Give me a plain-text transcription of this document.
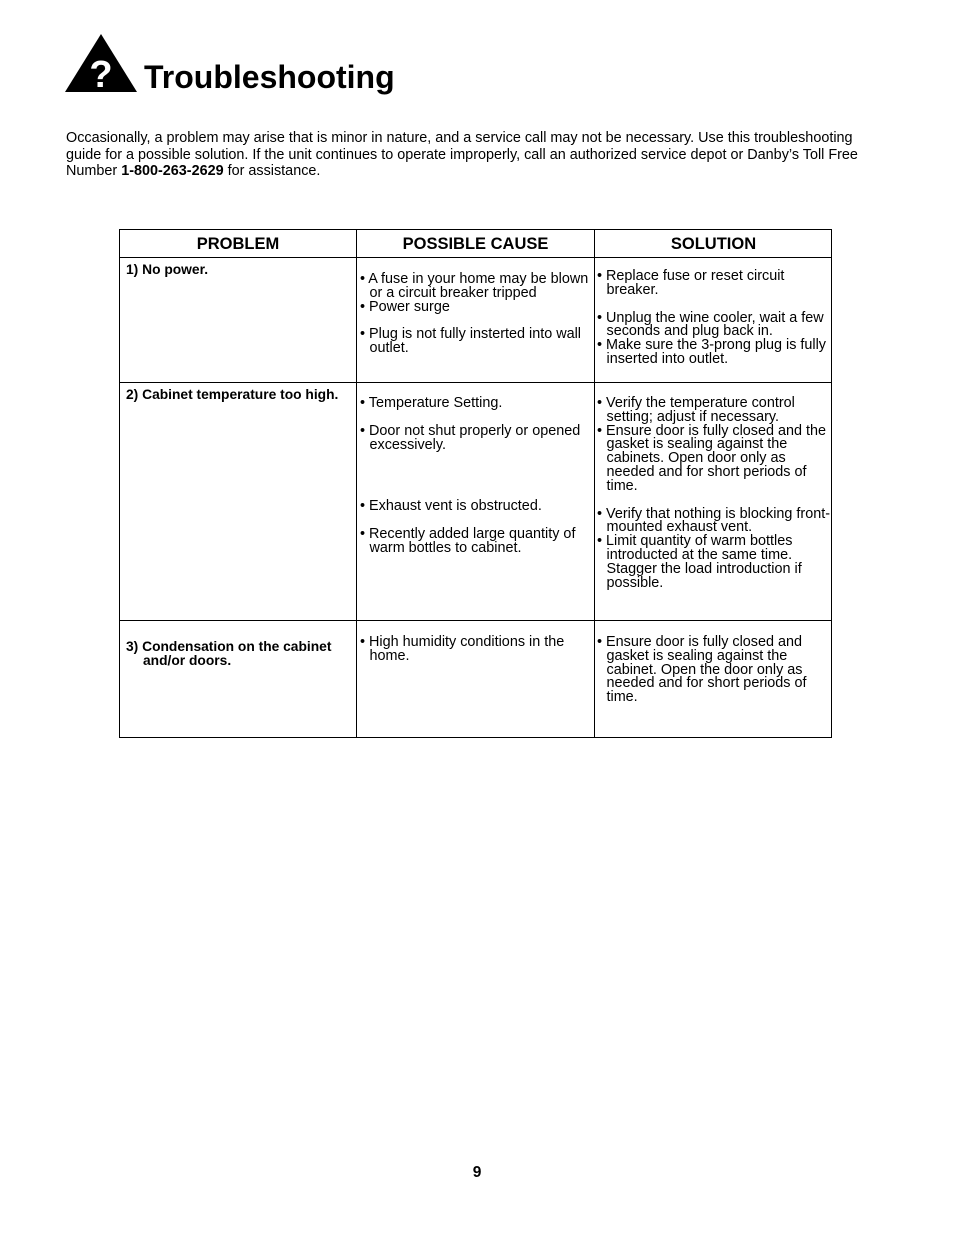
? Troubleshooting

Occasionally, a problem may arise that is minor in nature, and a service call may not be necessary. Use this troubleshooting guide for a possible solution. If the unit continues to operate improperly, call an authorized service depot or Danby’s Toll Free Number 1-800-263-2629 for assistance.

PROBLEM	POSSIBLE CAUSE	SOLUTION

1) No power.

• A fuse in your home may be blown or a circuit breaker tripped

• Power surge

• Plug is not fully insterted into wall outlet.

• Replace fuse or reset circuit breaker.

• Unplug the wine cooler, wait a few seconds and plug back in.

• Make sure the 3-prong plug is fully inserted into outlet.

2) Cabinet temperature too high.

• Temperature Setting.

• Door not shut properly or opened excessively.

• Exhaust vent is obstructed.

• Recently added large quantity of warm bottles to cabinet.

• Verify the temperature control setting; adjust if necessary.

• Ensure door is fully closed and the gasket is sealing against the cabinets. Open door only as needed and for short periods of time.

• Verify that nothing is blocking front-mounted exhaust vent.

• Limit quantity of warm bottles introducted at the same time. Stagger the load introduction if possible.

3) Condensation on the cabinet and/or doors.

• High humidity conditions in the home.

• Ensure door is fully closed and gasket is sealing against the cabinet. Open the door only as needed and for short periods of time.

9
